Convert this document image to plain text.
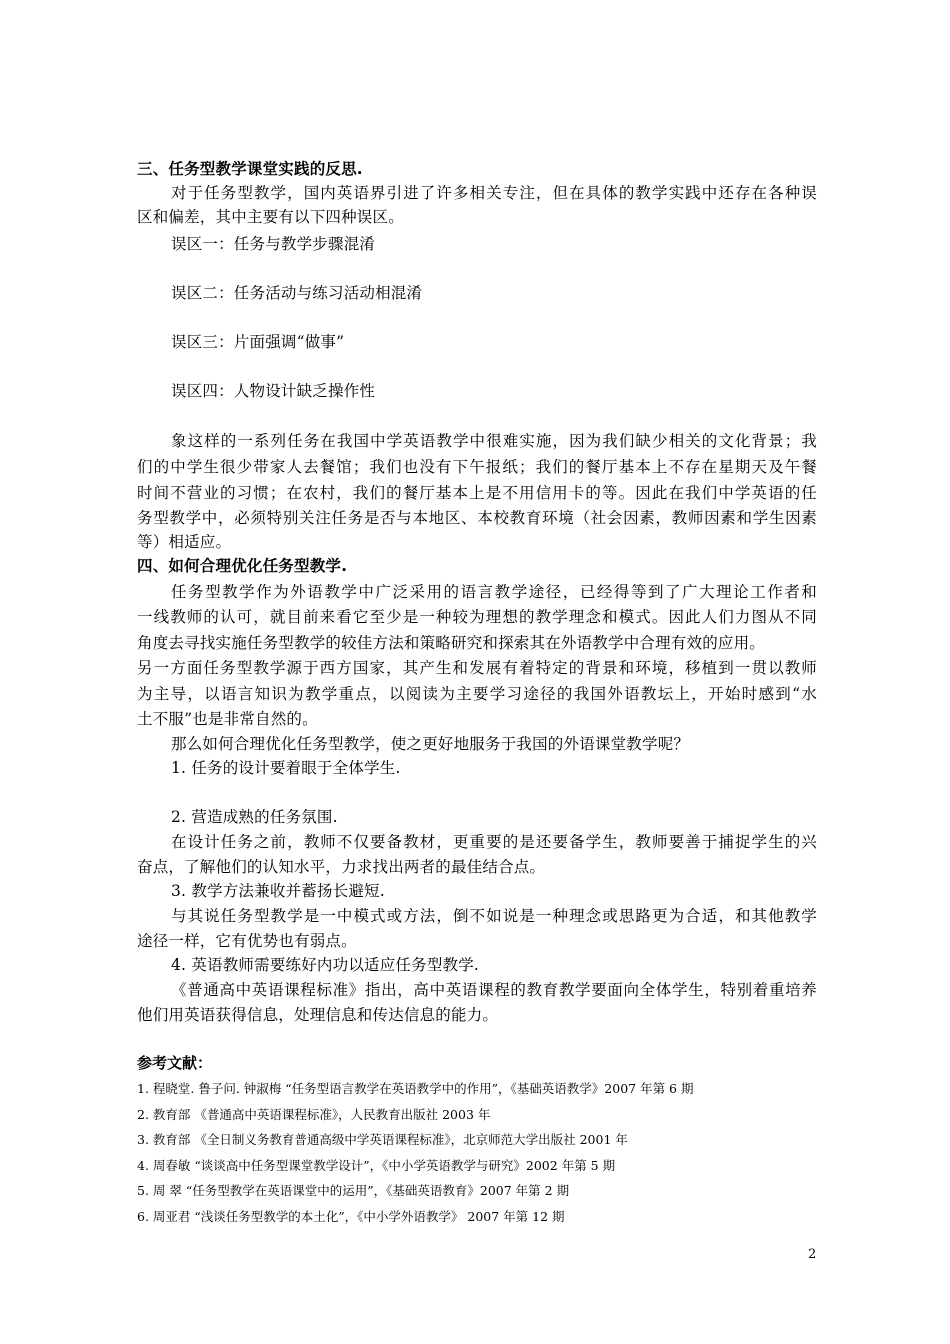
三、任务型教学课堂实践的反思.
对于任务型教学，国内英语界引进了许多相关专注，但在具体的教学实践中还存在各种误
区和偏差，其中主要有以下四种误区。
误区一：任务与教学步骤混淆
误区二：任务活动与练习活动相混淆
误区三：片面强调“做事”
误区四：人物设计缺乏操作性
象这样的一系列任务在我国中学英语教学中很难实施，因为我们缺少相关的文化背景；我
们的中学生很少带家人去餐馆；我们也没有下午报纸；我们的餐厅基本上不存在星期天及午餐
时间不营业的习惯；在农村，我们的餐厅基本上是不用信用卡的等。因此在我们中学英语的任
务型教学中，必须特别关注任务是否与本地区、本校教育环境（社会因素，教师因素和学生因素
等）相适应。
四、如何合理优化任务型教学.
任务型教学作为外语教学中广泛采用的语言教学途径，已经得等到了广大理论工作者和
一线教师的认可，就目前来看它至少是一种较为理想的教学理念和模式。因此人们力图从不同
角度去寻找实施任务型教学的较佳方法和策略研究和探索其在外语教学中合理有效的应用。
另一方面任务型教学源于西方国家，其产生和发展有着特定的背景和环境，移植到一贯以教师
为主导，以语言知识为教学重点，以阅读为主要学习途径的我国外语教坛上，开始时感到“水
土不服”也是非常自然的。
那么如何合理优化任务型教学，使之更好地服务于我国的外语课堂教学呢？
1. 任务的设计要着眼于全体学生.
2. 营造成熟的任务氛围.
在设计任务之前，教师不仅要备教材，更重要的是还要备学生，教师要善于捕捉学生的兴
奋点，了解他们的认知水平，力求找出两者的最佳结合点。
3. 教学方法兼收并蓄扬长避短.
与其说任务型教学是一中模式或方法，倒不如说是一种理念或思路更为合适，和其他教学
途径一样，它有优势也有弱点。
4. 英语教师需要练好内功以适应任务型教学.
《普通高中英语课程标准》指出，高中英语课程的教育教学要面向全体学生，特别着重培养
他们用英语获得信息，处理信息和传达信息的能力。
参考文献：
1. 程晓堂. 鲁子问. 钟淑梅 “任务型语言教学在英语教学中的作用”，《基础英语教学》2007 年第 6 期
2. 教育部 《普通高中英语课程标准》，人民教育出版社 2003 年
3. 教育部 《全日制义务教育普通高级中学英语课程标准》，北京师范大学出版社 2001 年
4. 周春敏 “谈谈高中任务型课堂教学设计”，《中小学英语教学与研究》2002 年第 5 期
5. 周 翠 “任务型教学在英语课堂中的运用”，《基础英语教育》2007 年第 2 期
6. 周亚君 “浅谈任务型教学的本土化”，《中小学外语教学》 2007 年第 12 期
2
